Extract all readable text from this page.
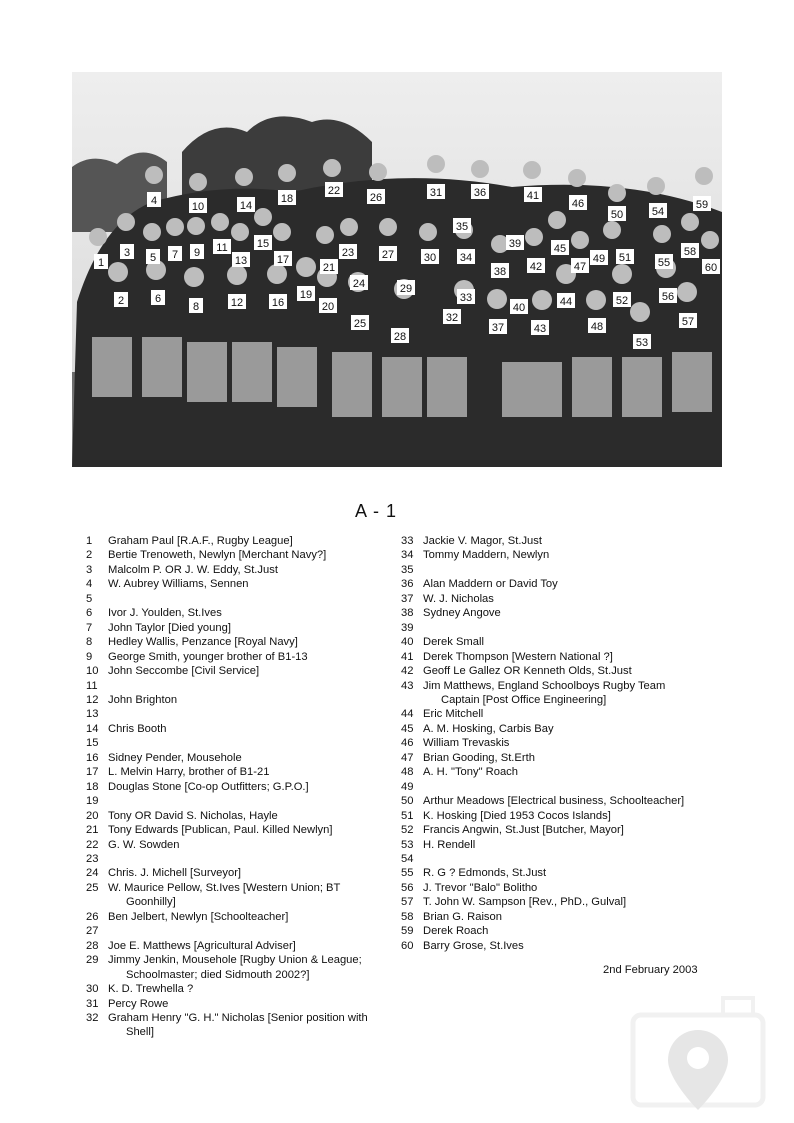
1
2
3
4
5
6
7
8
9
10
11
12
13
14
15
16
17
18
19
20
21
22
23
24
25
26
27
28
29
30
31
32
33
34
35
36
37
38
39
40
41
42
43
44
45
46
47
48
49
50
51
52
53
54
55
56
57
58
59
60
A - 1
1	Graham Paul [R.A.F., Rugby League]
2	Bertie Trenoweth, Newlyn [Merchant Navy?]
3	Malcolm P. OR J. W. Eddy, St.Just
4	W. Aubrey Williams, Sennen
5

6	Ivor J. Youlden, St.Ives
7	John Taylor [Died young]
8	Hedley Wallis, Penzance [Royal Navy]
9	George Smith, younger brother of B1-13
10 John Seccombe [Civil Service]
11

12 John Brighton
13

14 Chris Booth
15

16 Sidney Pender, Mousehole
17 L. Melvin Harry, brother of B1-21
18 Douglas Stone [Co-op Outfitters; G.P.O.]
19

20 Tony OR David S. Nicholas, Hayle
21 Tony Edwards [Publican, Paul. Killed Newlyn]
22 G. W. Sowden
23

24 Chris. J. Michell [Surveyor]
25 W. Maurice Pellow, St.Ives [Western Union; BT
Goonhilly]
26 Ben Jelbert, Newlyn [Schoolteacher]
27

28 Joe E. Matthews [Agricultural Adviser]
29 Jimmy Jenkin, Mousehole [Rugby Union & League;
Schoolmaster; died Sidmouth 2002?]
30 K. D. Trewhella ?
31 Percy Rowe
32 Graham Henry "G. H." Nicholas [Senior position with
Shell]
33 Jackie V. Magor, St.Just
34 Tommy Maddern, Newlyn
35

36 Alan Maddern or David Toy
37 W. J. Nicholas
38 Sydney Angove
39

40 Derek Small
41 Derek Thompson [Western National ?]
42 Geoff Le Gallez OR Kenneth Olds, St.Just
43 Jim Matthews, England Schoolboys Rugby Team
Captain [Post Office Engineering]
44 Eric Mitchell
45 A. M. Hosking, Carbis Bay
46 William Trevaskis
47 Brian Gooding, St.Erth
48 A. H. "Tony" Roach
49

50 Arthur Meadows [Electrical business, Schoolteacher]
51 K. Hosking [Died 1953 Cocos Islands]
52 Francis Angwin, St.Just [Butcher, Mayor]
53 H. Rendell
54

55 R. G ? Edmonds, St.Just
56 J. Trevor "Balo" Bolitho
57 T. John W. Sampson [Rev., PhD., Gulval]
58 Brian G. Raison
59 Derek Roach
60 Barry Grose, St.Ives
2nd February 2003
